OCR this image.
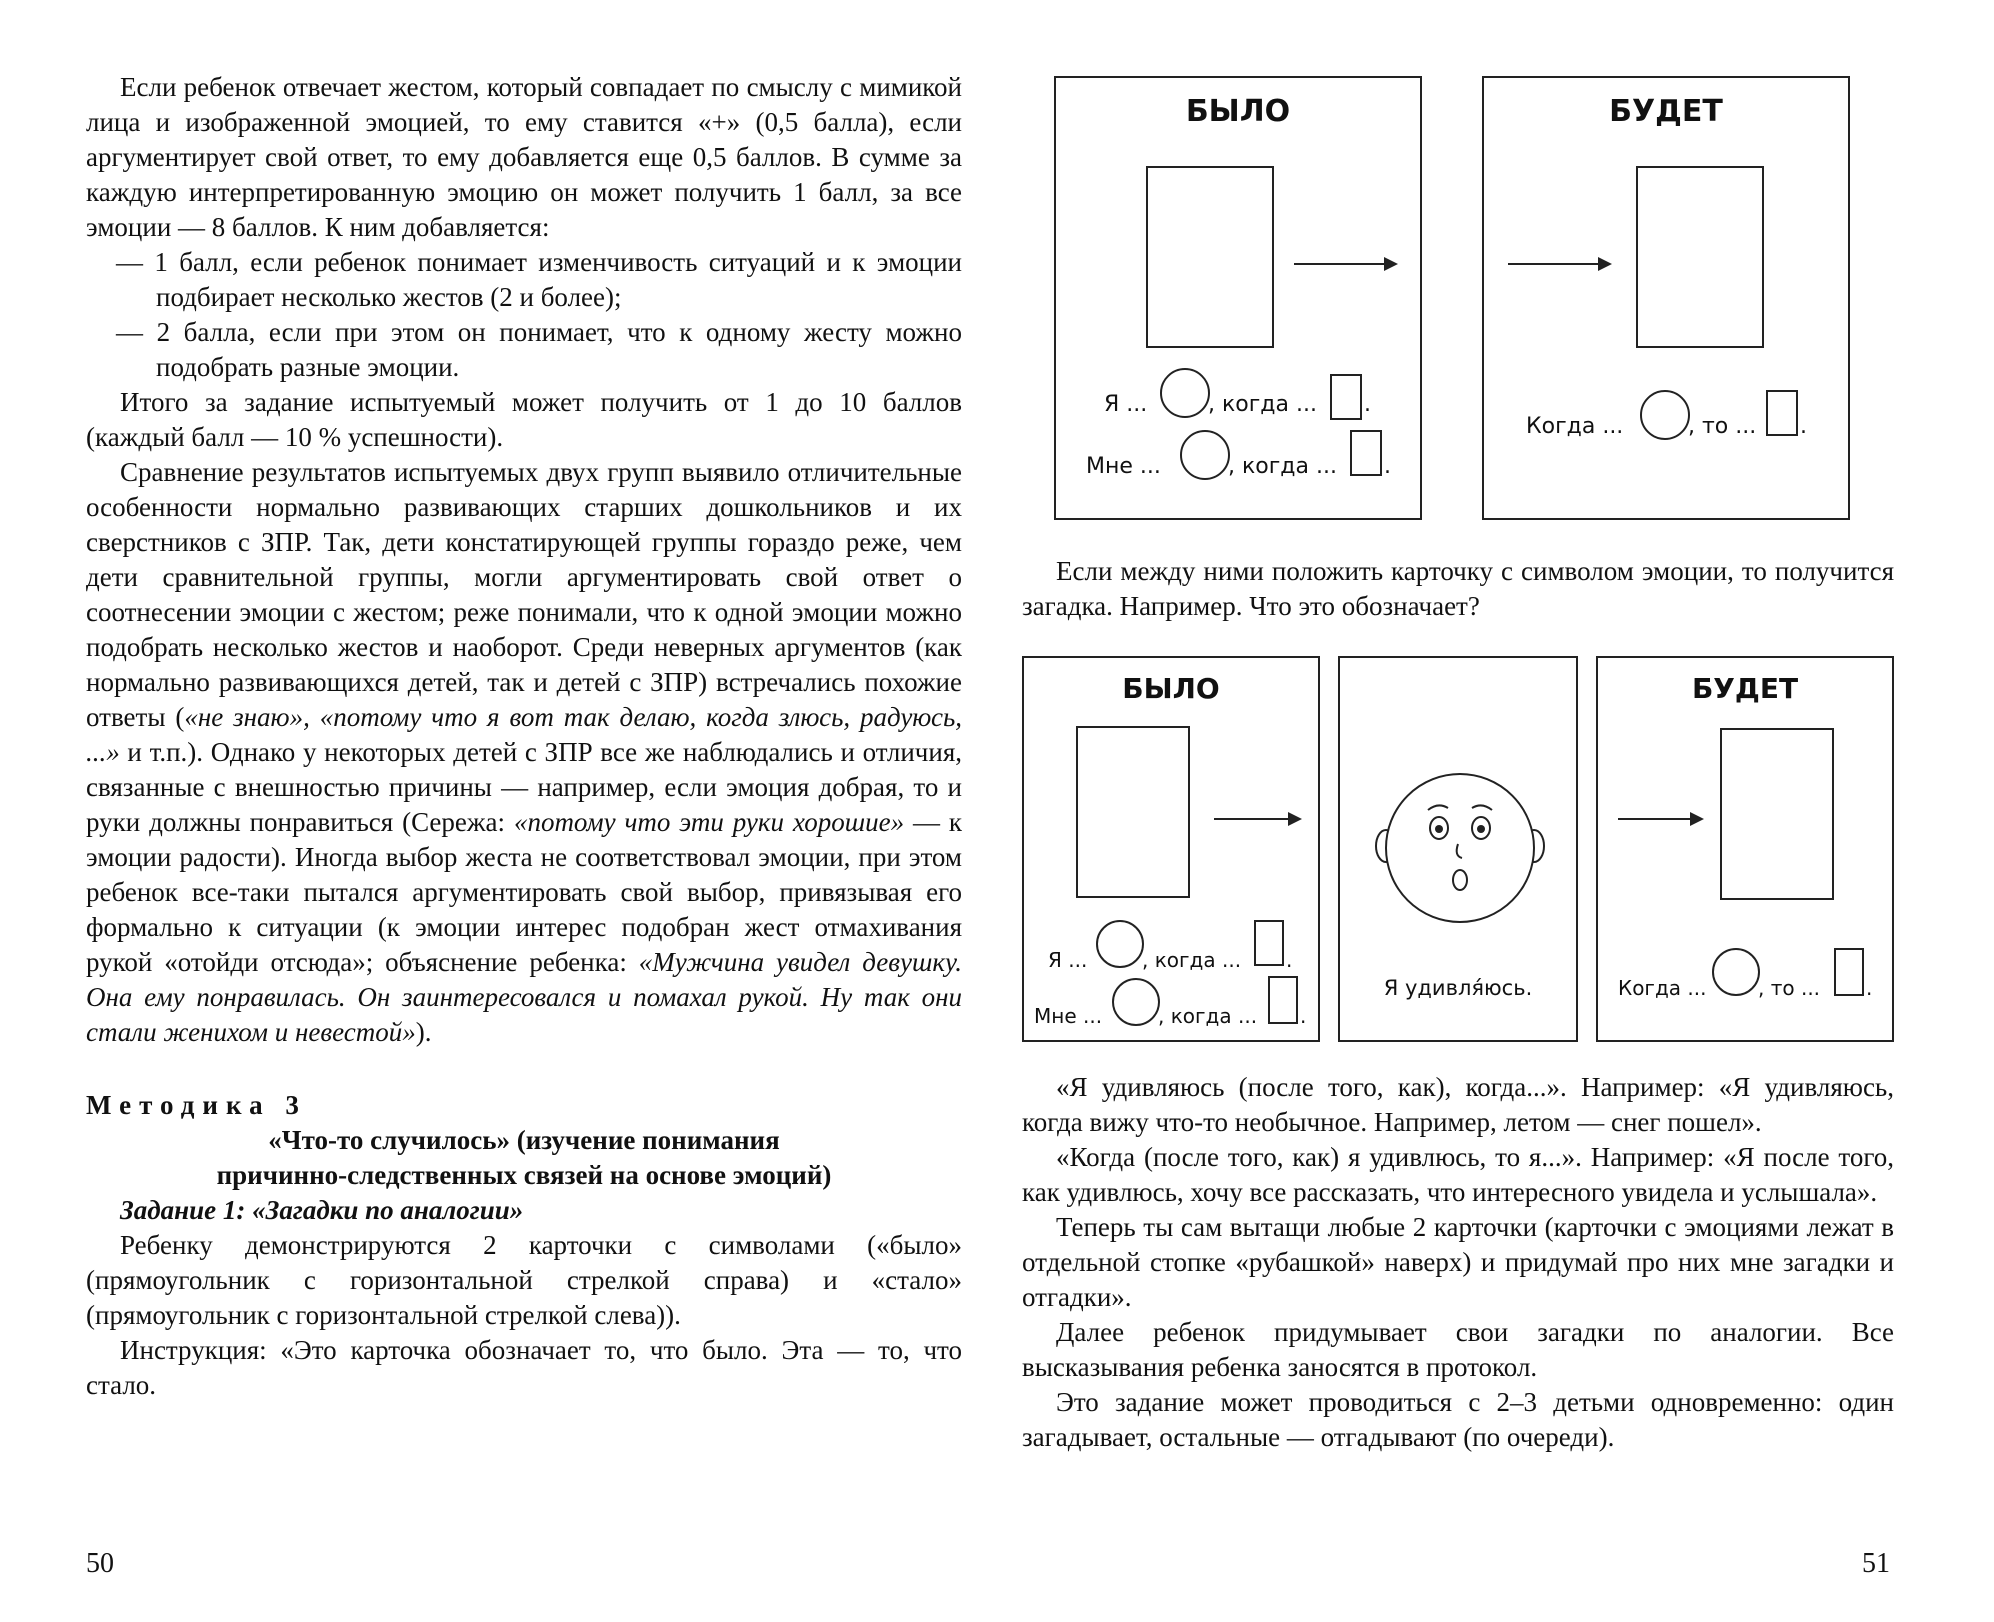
Если ребенок отвечает жестом, который совпадает по смыслу с мимикой лица и изображенной эмоцией, то ему ставится «+» (0,5 балла), если аргументирует свой ответ, то ему добавляется еще 0,5 баллов. В сумме за каждую интерпретированную эмоцию он может получить 1 балл, за все эмоции — 8 баллов. К ним добавляется:

— 1 балл, если ребенок понимает изменчивость ситуаций и к эмоции подбирает несколько жестов (2 и более);

— 2 балла, если при этом он понимает, что к одному жесту можно подобрать разные эмоции.

Итого за задание испытуемый может получить от 1 до 10 баллов (каждый балл — 10 % успешности).

Сравнение результатов испытуемых двух групп выявило отличительные особенности нормально развивающих старших дошкольников и их сверстников с ЗПР. Так, дети констатирующей группы гораздо реже, чем дети сравнительной группы, могли аргументировать свой ответ о соотнесении эмоции с жестом; реже понимали, что к одной эмоции можно подобрать несколько жестов и наоборот. Среди неверных аргументов (как нормально развивающихся детей, так и детей с ЗПР) встречались похожие ответы («не знаю», «потому что я вот так делаю, когда злюсь, радуюсь, ...» и т.п.). Однако у некоторых детей с ЗПР все же наблюдались и отличия, связанные с внешностью причины — например, если эмоция добрая, то и руки должны понравиться (Сережа: «потому что эти руки хорошие» — к эмоции радости). Иногда выбор жеста не соответствовал эмоции, при этом ребенок все-таки пытался аргументировать свой выбор, привязывая его формально к ситуации (к эмоции интерес подобран жест отмахивания рукой «отойди отсюда»; объяснение ребенка: «Мужчина увидел девушку. Она ему понравилась. Он заинтересовался и помахал рукой. Ну так они стали женихом и невестой»).

Методика 3

«Что-то случилось» (изучение понимания

причинно-следственных связей на основе эмоций)

Задание 1: «Загадки по аналогии»

Ребенку демонстрируются 2 карточки с символами («было» (прямоугольник с горизонтальной стрелкой справа) и «стало» (прямоугольник с горизонтальной стрелкой слева)).

Инструкция: «Это карточка обозначает то, что было. Эта — то, что стало.

50
БЫЛО
Я ...	, когда ... .
Мне ...	, когда ... .
БУДЕТ
Когда ...	, то ... .

Если между ними положить карточку с символом эмоции, то получится загадка. Например. Что это обозначает?

БЫЛО
Я ...	, когда ... .
Мне ...	, когда ... .
Я удивля́юсь.
БУДЕТ
Когда ...	, то ... .

«Я удивляюсь (после того, как), когда...». Например: «Я удивляюсь, когда вижу что-то необычное. Например, летом — снег пошел».

«Когда (после того, как) я удивлюсь, то я...». Например: «Я после того, как удивлюсь, хочу все рассказать, что интересного увидела и услышала».

Теперь ты сам вытащи любые 2 карточки (карточки с эмоциями лежат в отдельной стопке «рубашкой» наверх) и придумай про них мне загадки и отгадки».

Далее ребенок придумывает свои загадки по аналогии. Все высказывания ребенка заносятся в протокол.

Это задание может проводиться с 2–3 детьми одновременно: один загадывает, остальные — отгадывают (по очереди).

51
